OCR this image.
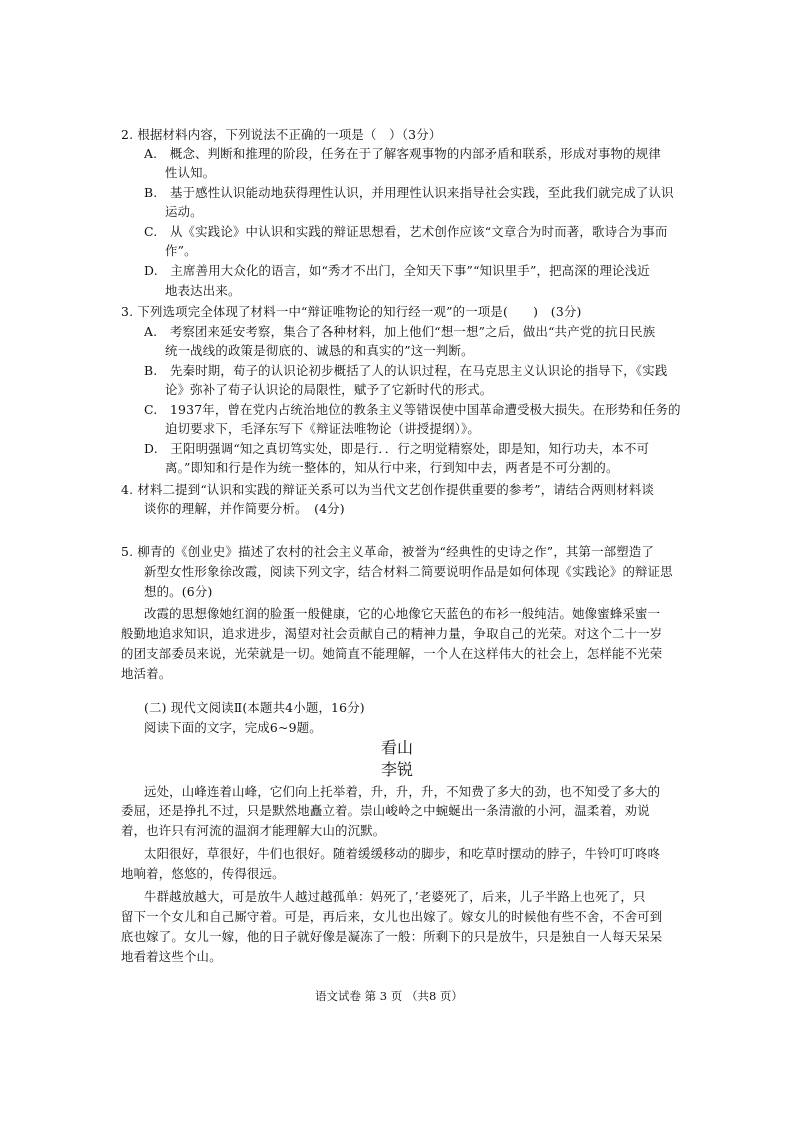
2. 根据材料内容，下列说法不正确的一项是（　）（3分）
A.　概念、判断和推理的阶段，任务在于了解客观事物的内部矛盾和联系，形成对事物的规律
性认知。
B.　基于感性认识能动地获得理性认识，并用理性认识来指导社会实践，至此我们就完成了认识
运动。
C.　从《实践论》中认识和实践的辩证思想看，艺术创作应该“文章合为时而著，歌诗合为事而
作”。
D.　主席善用大众化的语言，如“秀才不出门，全知天下事”“知识里手”，把高深的理论浅近
地表达出来。
3. 下列选项完全体现了材料一中“辩证唯物论的知行经一观”的一项是(　　)　(3分)
A.　考察团来延安考察，集合了各种材料，加上他们“想一想”之后，做出“共产党的抗日民族
统一战线的政策是彻底的、诚恳的和真实的”这一判断。
B.　先秦时期，荀子的认识论初步概括了人的认识过程，在马克思主义认识论的指导下，《实践
论》弥补了荀子认识论的局限性，赋予了它新时代的形式。
C.　1937年，曾在党内占统治地位的教条主义等错误使中国革命遭受极大损失。在形势和任务的
迫切要求下，毛泽东写下《辩证法唯物论（讲授提纲）》。
D.　王阳明强调“知之真切笃实处，即是行．．行之明觉精察处，即是知，知行功夫，本不可
离。”即知和行是作为统一整体的，知从行中来，行到知中去，两者是不可分割的。
4. 材料二提到“认识和实践的辩证关系可以为当代文艺创作提供重要的参考”，请结合两则材料谈
谈你的理解，并作简要分析。　(4分)
5. 柳青的《创业史》描述了农村的社会主义革命，被誉为“经典性的史诗之作”，其第一部塑造了
新型女性形象徐改霞，阅读下列文字，结合材料二简要说明作品是如何体现《实践论》的辩证思
想的。(6分)
改霞的思想像她红润的脸蛋一般健康，它的心地像它天蓝色的布衫一般纯洁。她像蜜蜂采蜜一
般勤地追求知识，追求进步，渴望对社会贡献自己的精神力量，争取自己的光荣。对这个二十一岁
的团支部委员来说，光荣就是一切。她简直不能理解，一个人在这样伟大的社会上，怎样能不光荣
地活着。
(二) 现代文阅读Ⅱ(本题共4小题，16分)
阅读下面的文字，完成6~9题。
看山
李锐
远处，山峰连着山峰，它们向上托举着，升，升，升，不知费了多大的劲，也不知受了多大的
委屈，还是挣扎不过，只是默然地矗立着。崇山峻岭之中蜿蜒出一条清澈的小河，温柔着，劝说
着，也许只有河流的温润才能理解大山的沉默。
太阳很好，草很好，牛们也很好。随着缓缓移动的脚步，和吃草时摆动的脖子，牛铃叮叮咚咚
地响着，悠悠的，传得很远。
牛群越放越大，可是放牛人越过越孤单：妈死了，’老婆死了，后来，儿子半路上也死了，只
留下一个女儿和自己厮守着。可是，再后来，女儿也出嫁了。嫁女儿的时候他有些不舍，不舍可到
底也嫁了。女儿一嫁，他的日子就好像是凝冻了一般：所剩下的只是放牛，只是独自一人每天呆呆
地看着这些个山。
语文试卷 第 3 页 （共8 页）
